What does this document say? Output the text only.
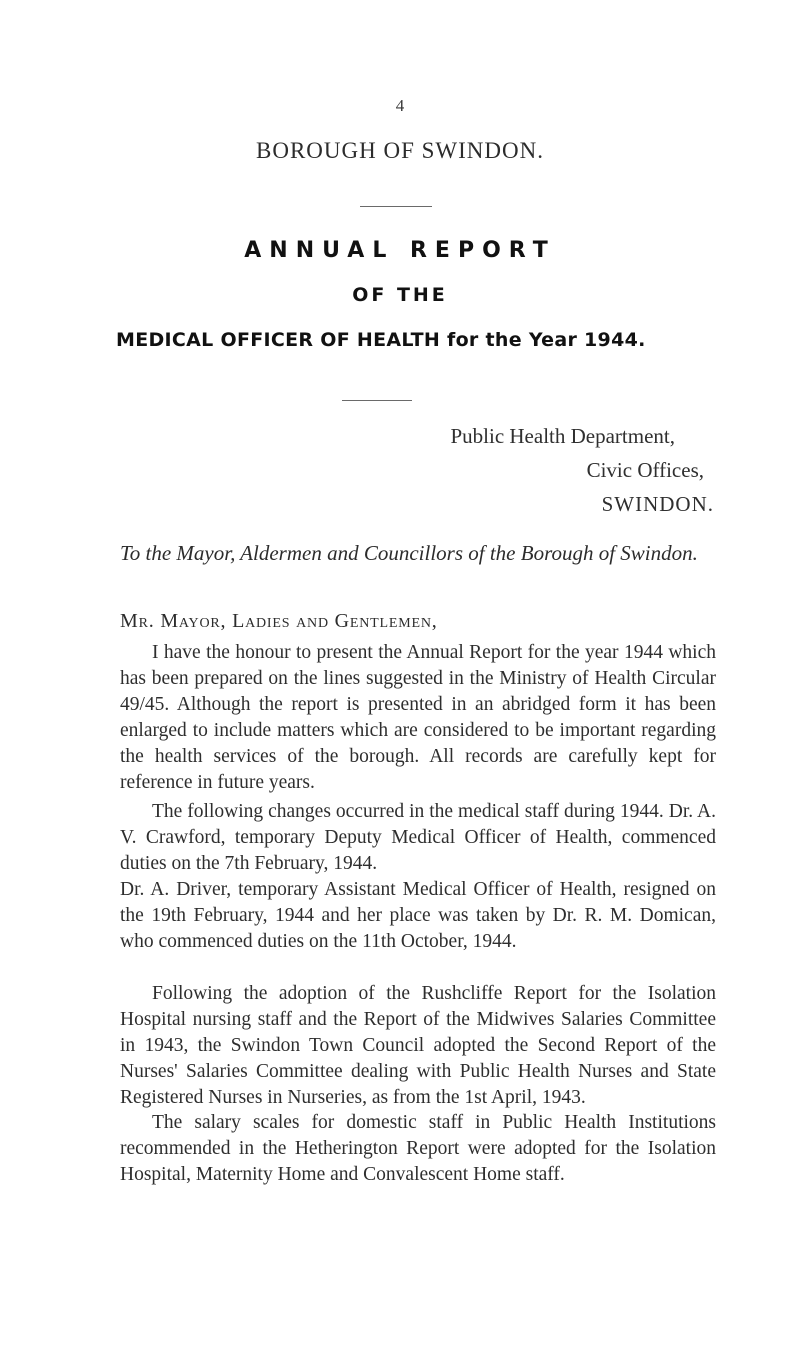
4
BOROUGH OF SWINDON.
ANNUAL REPORT
OF THE
MEDICAL OFFICER OF HEALTH for the Year 1944.
Public Health Department,
Civic Offices,
SWINDON.
To the Mayor, Aldermen and Councillors of the Borough of Swindon.
Mr. Mayor, Ladies and Gentlemen,

I have the honour to present the Annual Report for the year 1944 which has been prepared on the lines suggested in the Ministry of Health Circular 49/45. Although the report is presented in an abridged form it has been enlarged to include matters which are considered to be important regarding the health services of the borough. All records are carefully kept for reference in future years.

The following changes occurred in the medical staff during 1944. Dr. A. V. Crawford, temporary Deputy Medical Officer of Health, commenced duties on the 7th February, 1944.

Dr. A. Driver, temporary Assistant Medical Officer of Health, resigned on the 19th February, 1944 and her place was taken by Dr. R. M. Domican, who commenced duties on the 11th October, 1944.

Following the adoption of the Rushcliffe Report for the Isolation Hospital nursing staff and the Report of the Midwives Salaries Committee in 1943, the Swindon Town Council adopted the Second Report of the Nurses' Salaries Committee dealing with Public Health Nurses and State Registered Nurses in Nurseries, as from the 1st April, 1943.

The salary scales for domestic staff in Public Health Institutions recommended in the Hetherington Report were adopted for the Isolation Hospital, Maternity Home and Convalescent Home staff.
